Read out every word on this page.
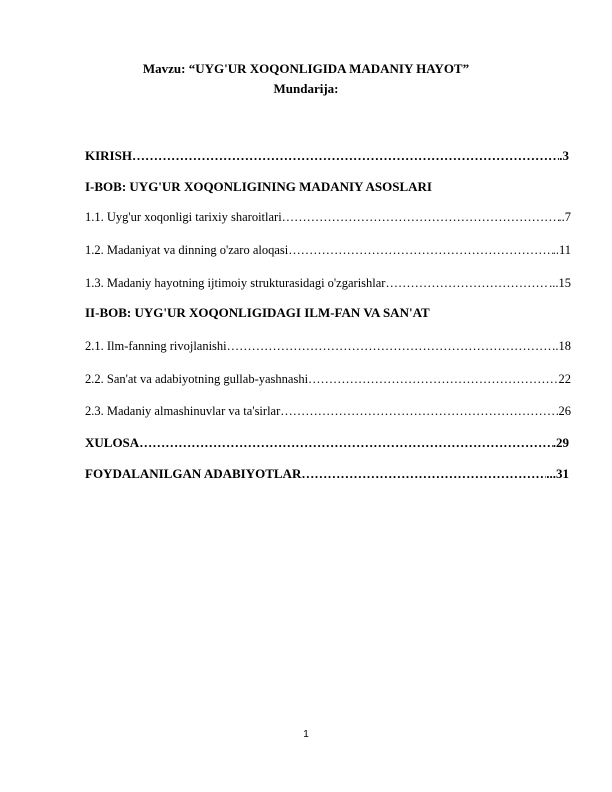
Mavzu: “UYG'UR XOQONLIGIDA MADANIY HAYOT”
Mundarija:
KIRISH ……………………………………………………………………………………………………………………………………………………	.3
I-BOB: UYG'UR XOQONLIGINING MADANIY ASOSLARI
1.1. Uyg'ur xoqonligi tarixiy sharoitlari ……………………………………………………………………………………………………………………………………………………	..7
1.2. Madaniyat va dinning o'zaro aloqasi ……………………………………………………………………………………………………………………………………………………	..11
1.3. Madaniy hayotning ijtimoiy strukturasidagi o'zgarishlar ……………………………………………………………………………………………………………………………………………………	...15
II-BOB: UYG'UR XOQONLIGIDAGI ILM-FAN VA SAN'AT
2.1. Ilm-fanning rivojlanishi ……………………………………………………………………………………………………………………………………………………	.18
2.2. San'at va adabiyotning gullab-yashnashi ……………………………………………………………………………………………………………………………………………………	22
2.3. Madaniy almashinuvlar va ta'sirlar ……………………………………………………………………………………………………………………………………………………	26
XULOSA ……………………………………………………………………………………………………………………………………………………	.29
FOYDALANILGAN ADABIYOTLAR ……………………………………………………………………………………………………………………………………………………	...31
1
